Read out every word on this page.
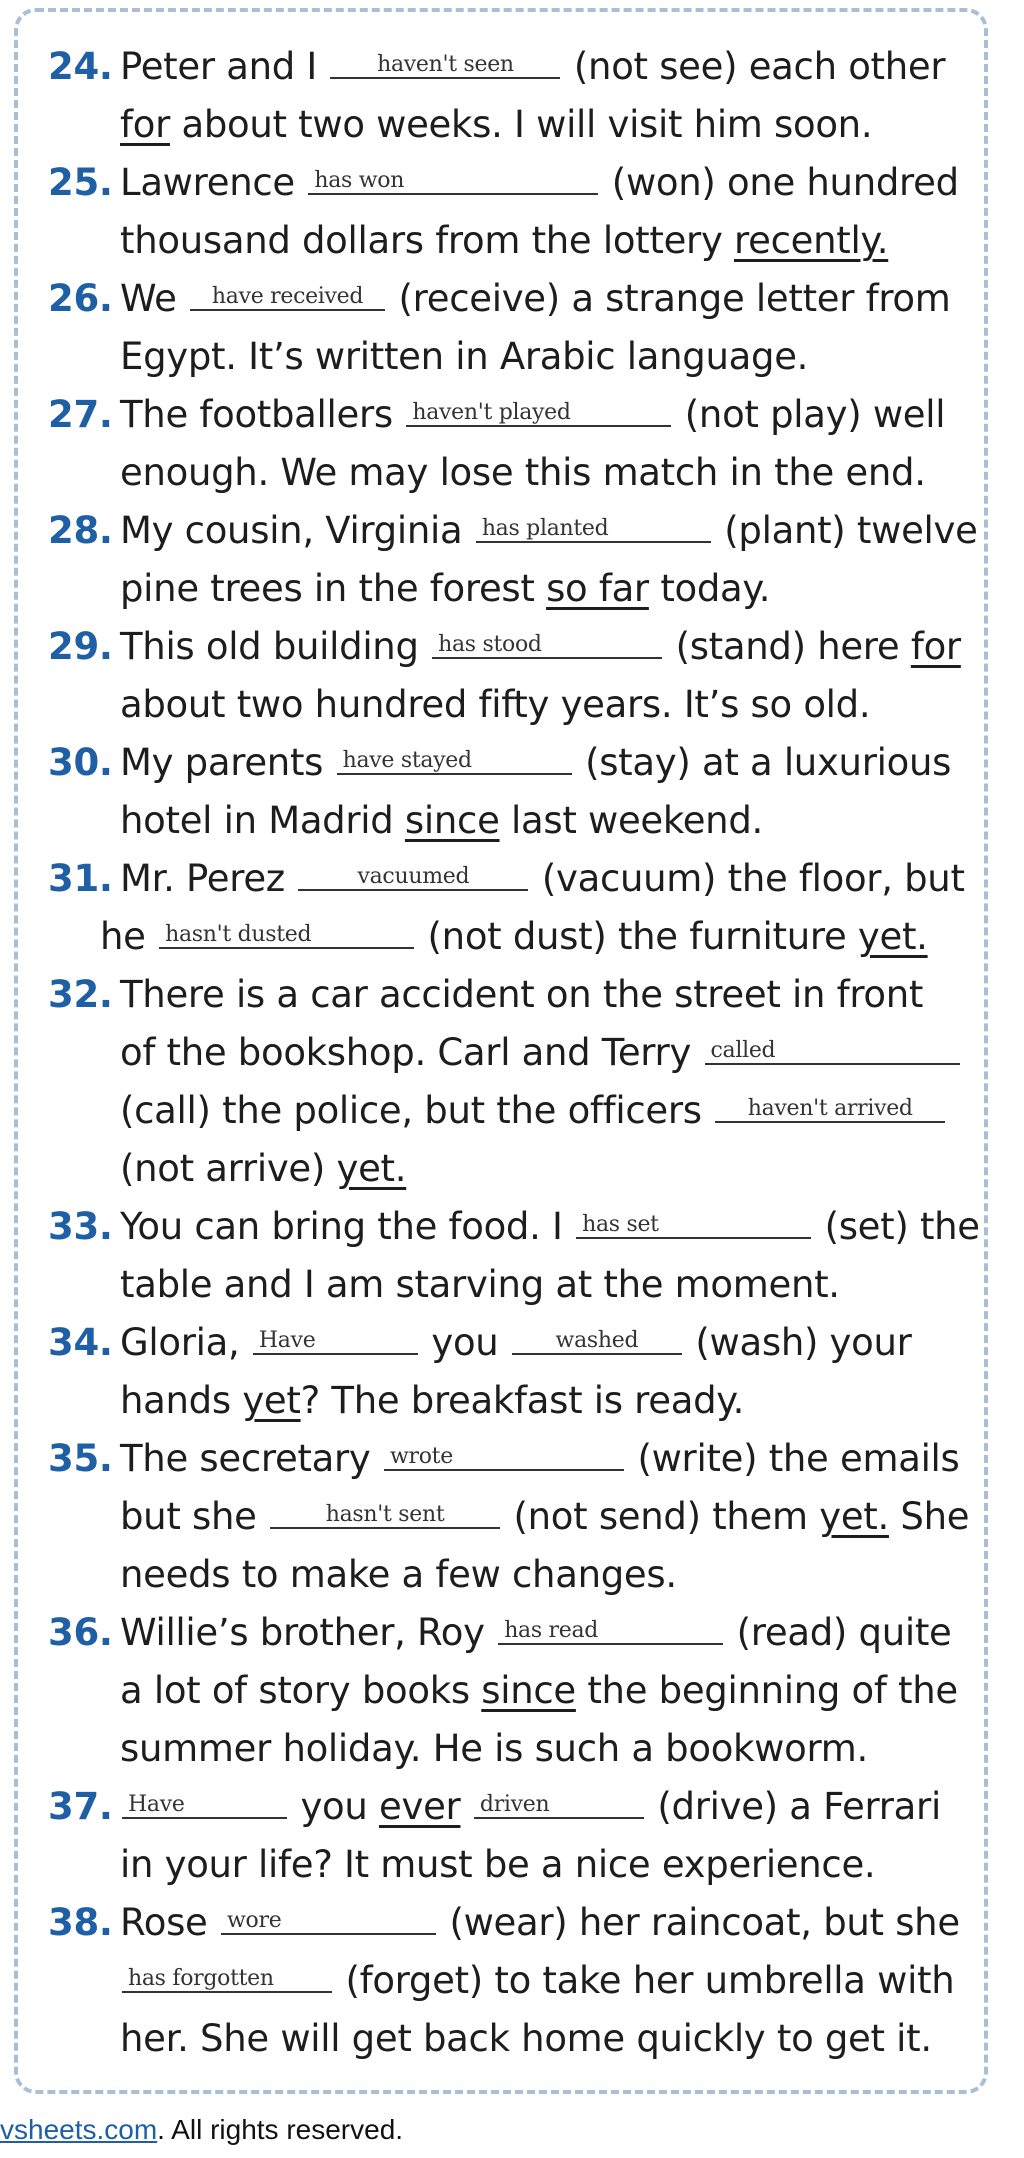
24. Peter and I	haven't seen	(not see) each other
for about two weeks. I will visit him soon.
25. Lawrence has won	(won) one hundred
thousand dollars from the lottery recently.
26. We	have received (receive) a strange letter from
Egypt. It’s written in Arabic language.
27. The footballers haven't played	(not play) well
enough. We may lose this match in the end.
28. My cousin, Virginia has planted	(plant) twelve
pine trees in the forest so far today.
29. This old building has stood	(stand) here for
about two hundred fifty years. It’s so old.
30. My parents have stayed	(stay) at a luxurious
hotel in Madrid since last weekend.
31. Mr. Perez	vacuumed	(vacuum) the floor, but
he hasn't dusted	(not dust) the furniture yet.
32. There is a car accident on the street in front
of the bookshop. Carl and Terry called
(call) the police, but the officers	haven't arrived
(not arrive) yet.
33. You can bring the food. I has set	(set) the
table and I am starving at the moment.
34. Gloria, Have	you	washed	(wash) your
hands yet? The breakfast is ready.
35. The secretary wrote	(write) the emails
but she	hasn't sent	(not send) them yet. She
needs to make a few changes.
36. Willie’s brother, Roy has read	(read) quite
a lot of story books since the beginning of the
summer holiday. He is such a bookworm.
37. Have	you ever driven	(drive) a Ferrari
in your life? It must be a nice experience.
38. Rose wore	(wear) her raincoat, but she
has forgotten	(forget) to take her umbrella with
her. She will get back home quickly to get it.
vsheets.com. All rights reserved.
